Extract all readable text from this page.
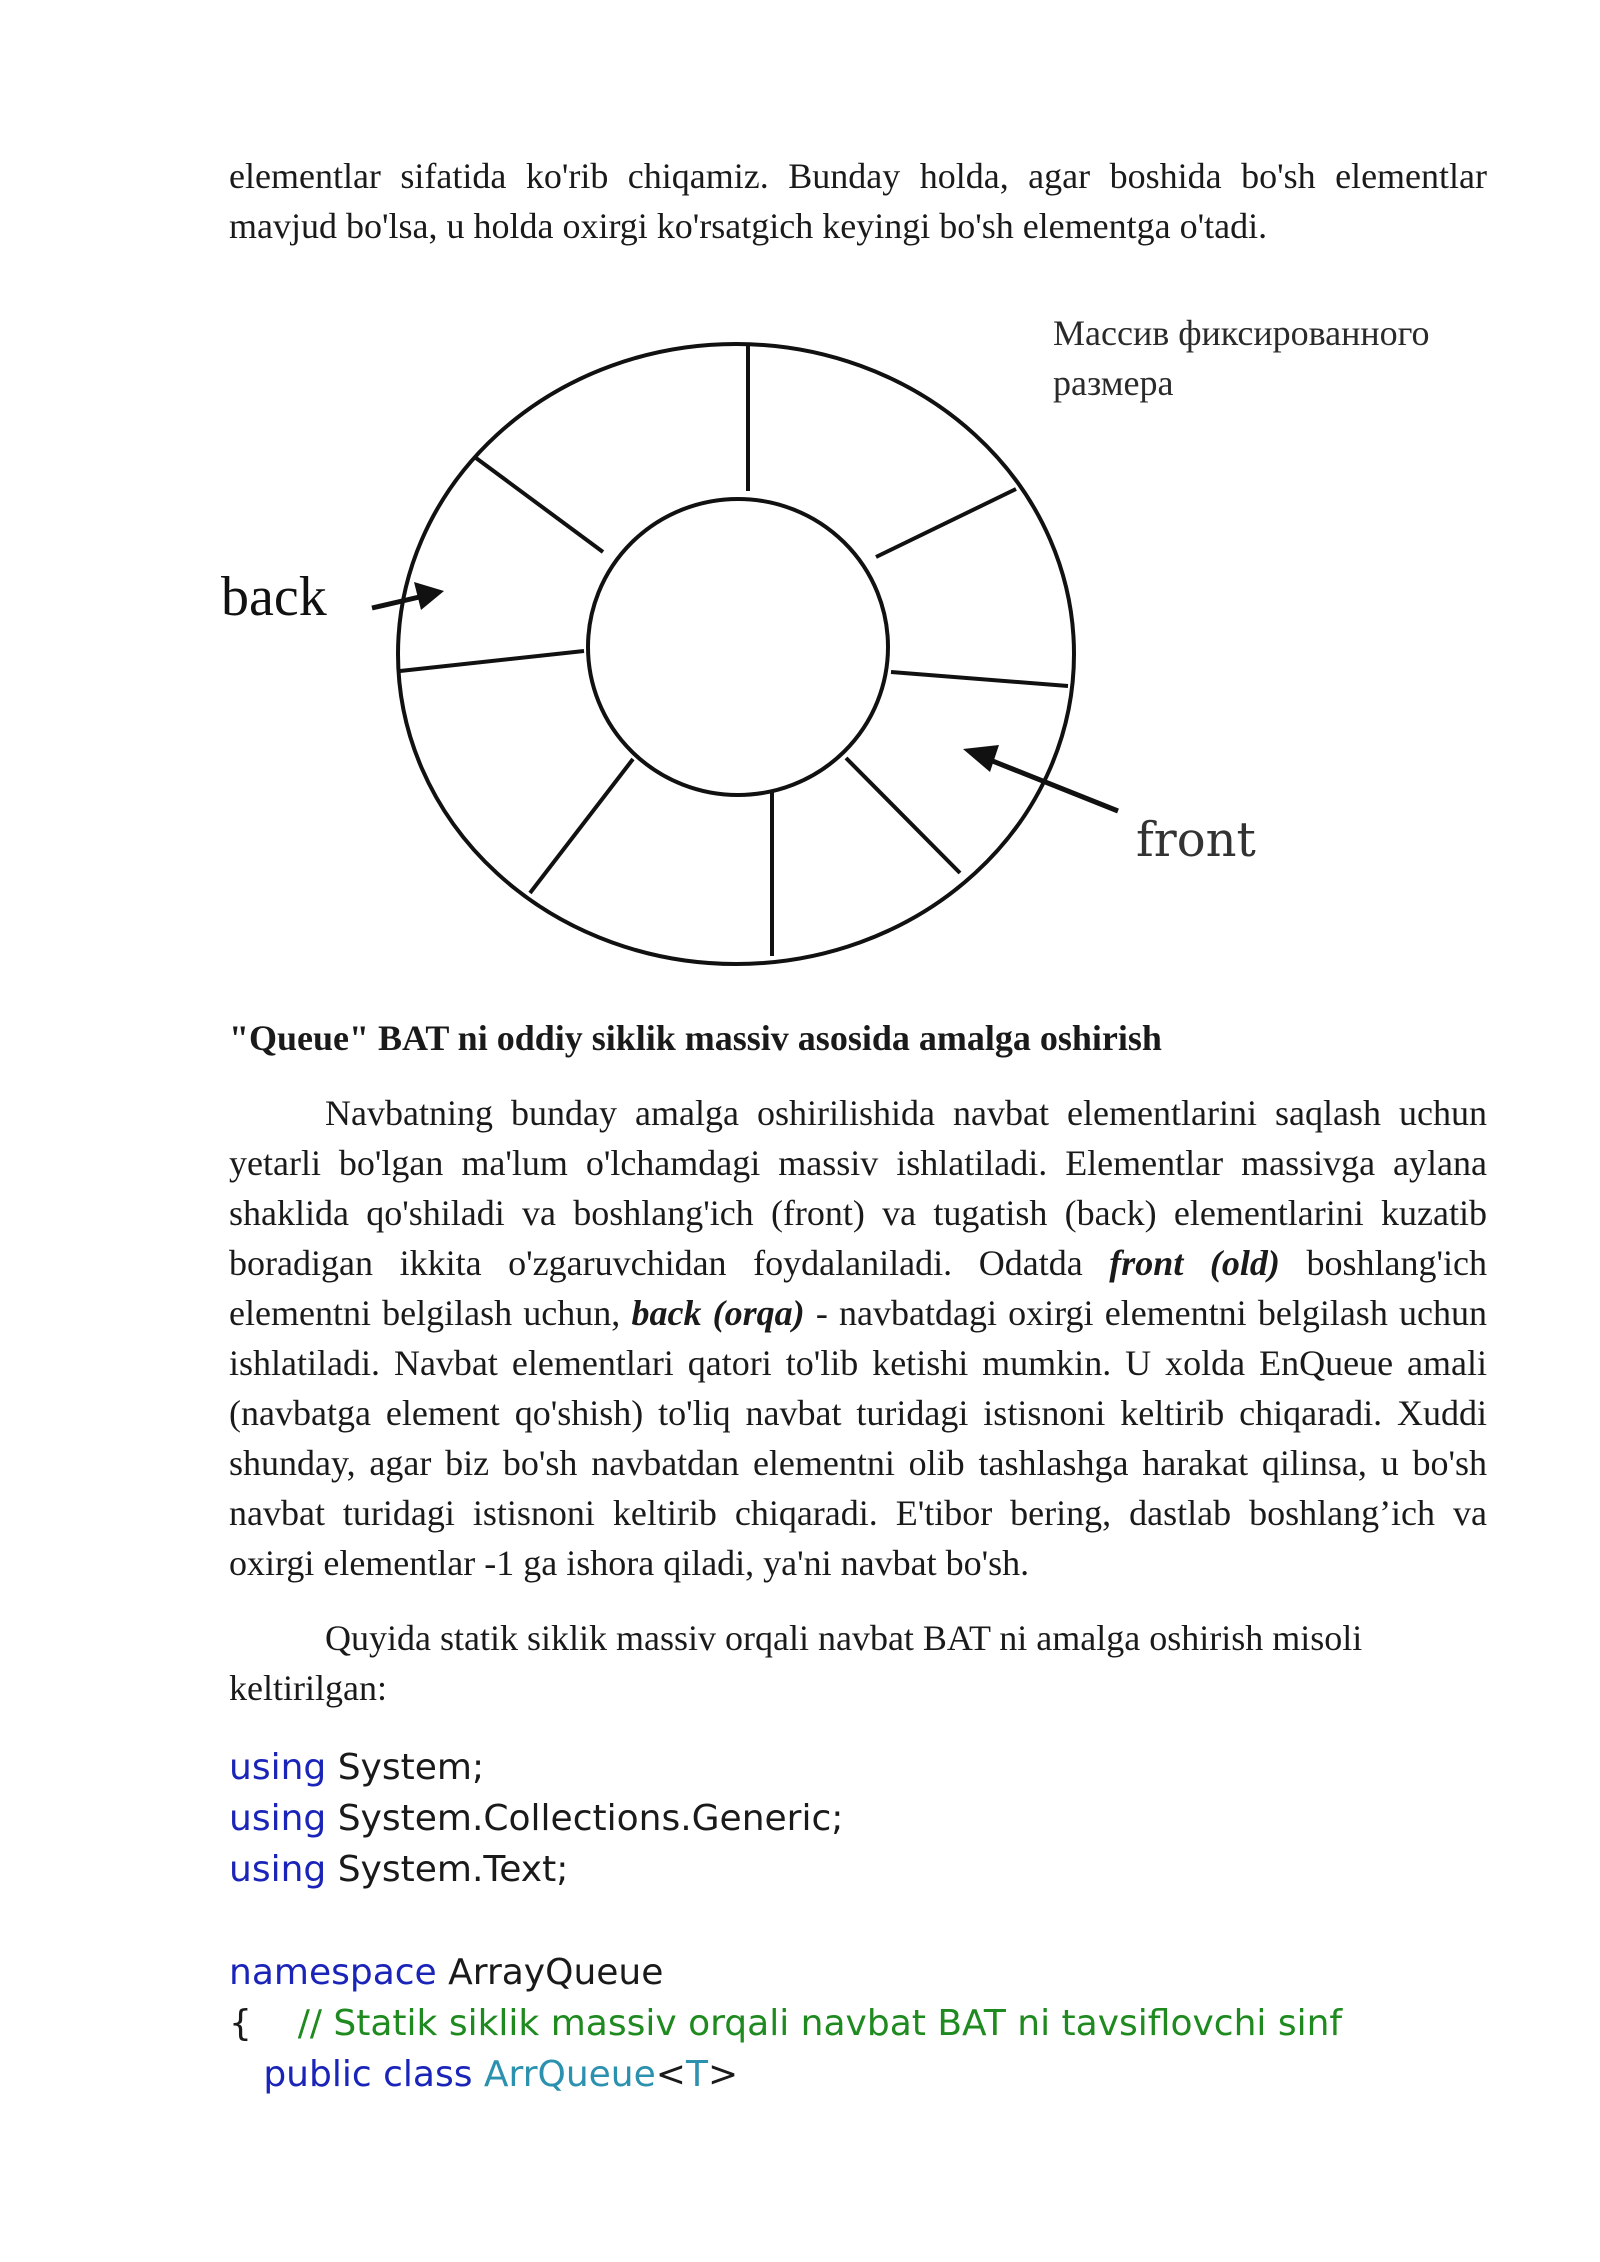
elementlar sifatida ko'rib chiqamiz. Bunday holda, agar boshida bo'sh elementlar mavjud bo'lsa, u holda oxirgi ko'rsatgich keyingi bo'sh elementga o'tadi.
back
front
Массив фиксированного
размера
"Queue" BAT ni oddiy siklik massiv asosida amalga oshirish
Navbatning bunday amalga oshirilishida navbat elementlarini saqlash uchun yetarli bo'lgan ma'lum o'lchamdagi massiv ishlatiladi. Elementlar massivga aylana shaklida qo'shiladi va boshlang'ich (front) va tugatish (back) elementlarini kuzatib boradigan ikkita o'zgaruvchidan foydalaniladi. Odatda front (old) boshlang'ich elementni belgilash uchun, back (orqa) - navbatdagi oxirgi elementni belgilash uchun ishlatiladi. Navbat elementlari qatori to'lib ketishi mumkin. U xolda EnQueue amali (navbatga element qo'shish) to'liq navbat turidagi istisnoni keltirib chiqaradi. Xuddi shunday, agar biz bo'sh navbatdan elementni olib tashlashga harakat qilinsa, u bo'sh navbat turidagi istisnoni keltirib chiqaradi. E'tibor bering, dastlab boshlang’ich va oxirgi elementlar -1 ga ishora qiladi, ya'ni navbat bo'sh.
Quyida statik siklik massiv orqali navbat BAT ni amalga oshirish misoli keltirilgan:
using System;
using System.Collections.Generic;
using System.Text;
namespace ArrayQueue
{    // Statik siklik massiv orqali navbat BAT ni tavsiflovchi sinf
public class ArrQueue<T>
